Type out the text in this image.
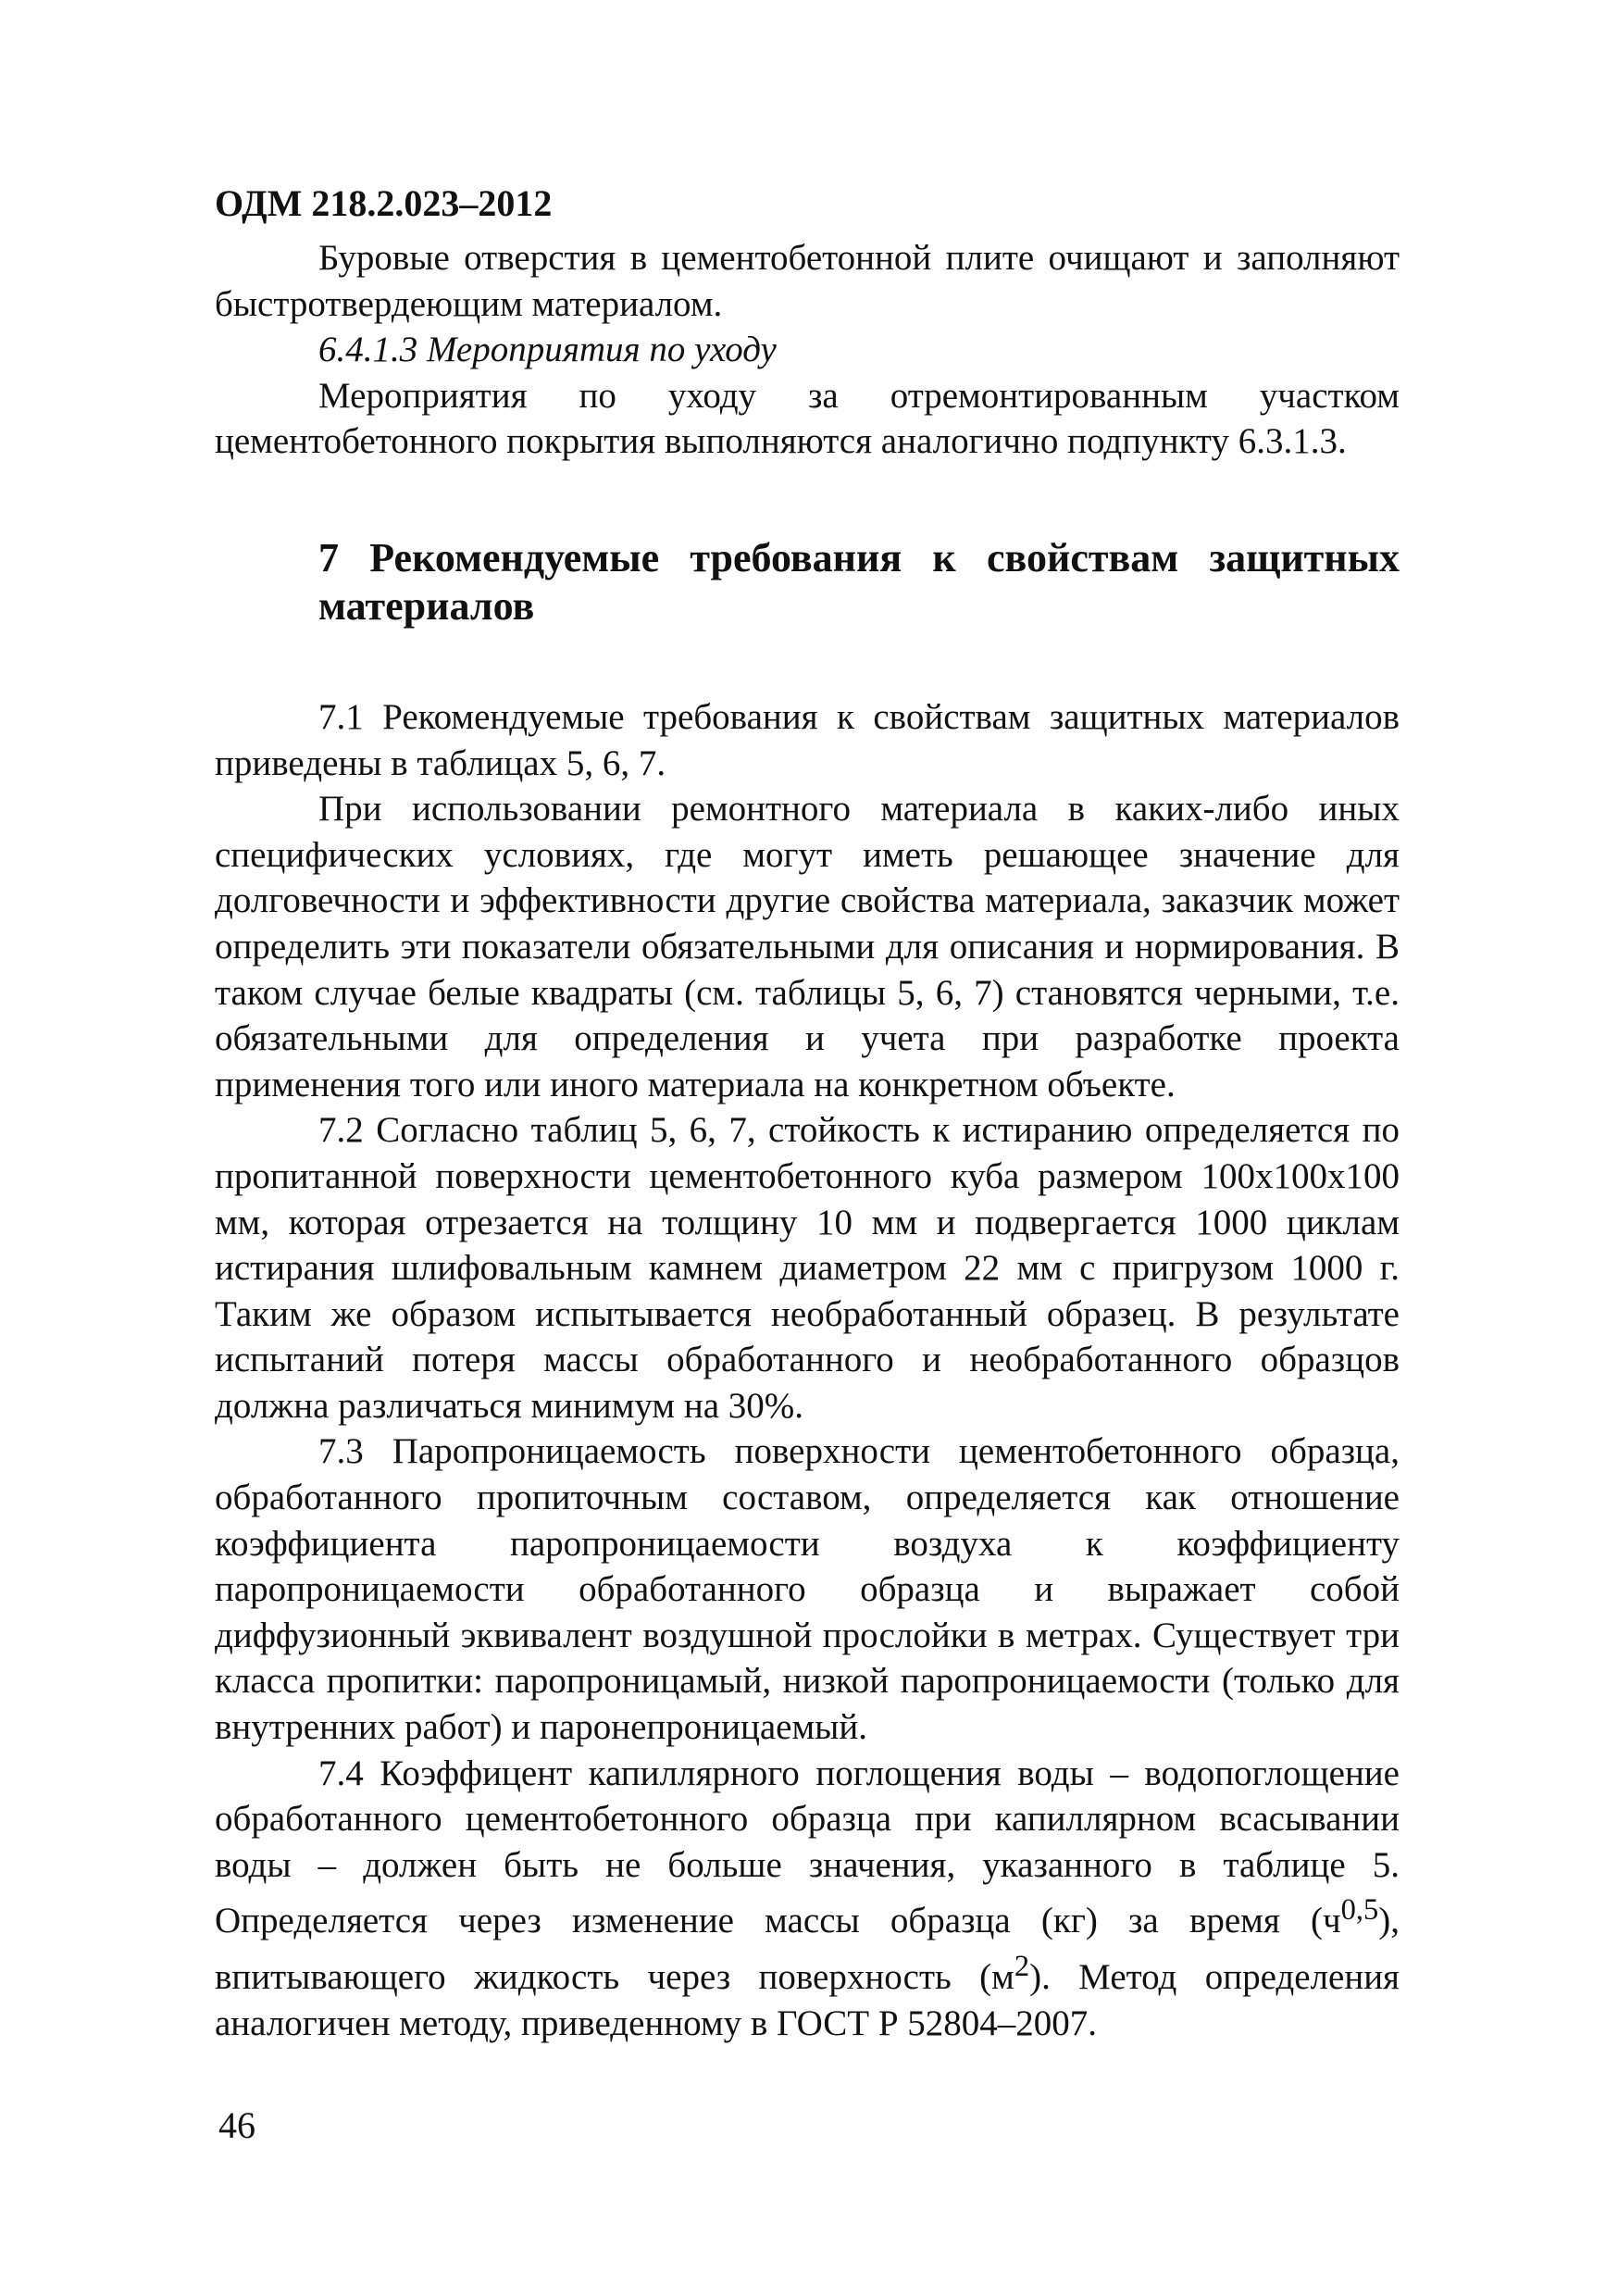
ОДМ 218.2.023–2012

Буровые отверстия в цементобетонной плите очищают и заполняют быстротвердеющим материалом.

6.4.1.3 Мероприятия по уходу

Мероприятия по уходу за отремонтированным участком цементобетонного покрытия выполняются аналогично подпункту 6.3.1.3.

7 Рекомендуемые требования к свойствам защитных материалов

7.1 Рекомендуемые требования к свойствам защитных материалов приведены в таблицах 5, 6, 7.

При использовании ремонтного материала в каких-либо иных специфических условиях, где могут иметь решающее значение для долговечности и эффективности другие свойства материала, заказчик может определить эти показатели обязательными для описания и нормирования. В таком случае белые квадраты (см. таблицы 5, 6, 7) становятся черными, т.е. обязательными для определения и учета при разработке проекта применения того или иного материала на конкретном объекте.

7.2 Согласно таблиц 5, 6, 7, стойкость к истиранию определяется по пропитанной поверхности цементобетонного куба размером 100х100х100 мм, которая отрезается на толщину 10 мм и подвергается 1000 циклам истирания шлифовальным камнем диаметром 22 мм с пригрузом 1000 г. Таким же образом испытывается необработанный образец. В результате испытаний потеря массы обработанного и необработанного образцов должна различаться минимум на 30%.

7.3 Паропроницаемость поверхности цементобетонного образца, обработанного пропиточным составом, определяется как отношение коэффициента паропроницаемости воздуха к коэффициенту паропроницаемости обработанного образца и выражает собой диффузионный эквивалент воздушной прослойки в метрах. Существует три класса пропитки: паропроницамый, низкой паропроницаемости (только для внутренних работ) и паронепроницаемый.

7.4 Коэффицент капиллярного поглощения воды – водопоглощение обработанного цементобетонного образца при капиллярном всасывании воды – должен быть не больше значения, указанного в таблице 5. Определяется через изменение массы образца (кг) за время $(ч^{0,5})$, впитывающего жидкость через поверхность $(м^2)$. Метод определения аналогичен методу, приведенному в ГОСТ Р 52804–2007.

46
